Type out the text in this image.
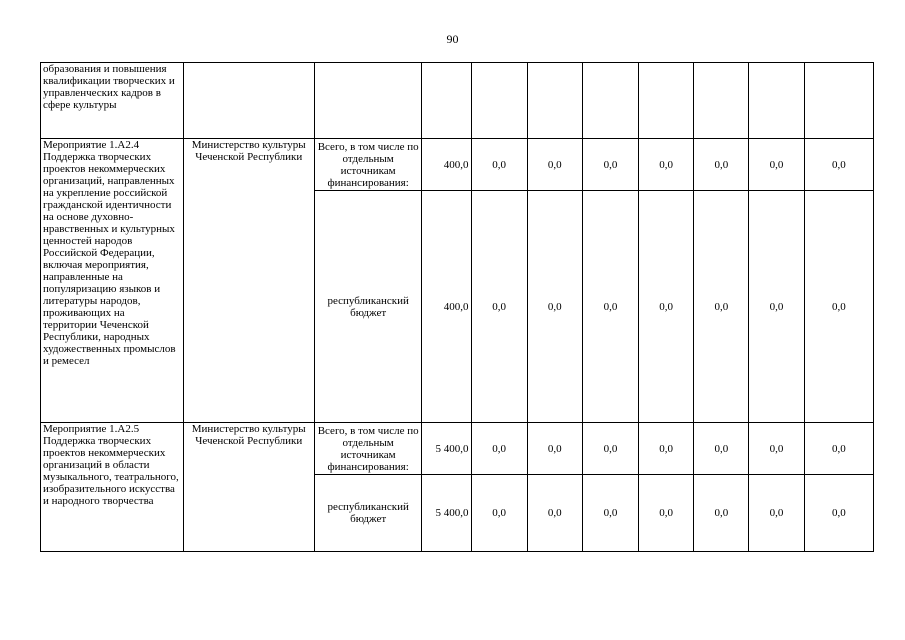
90
образования и повышения квалификации творческих и управленческих кадров в сфере культуры										
Мероприятие 1.А2.4 Поддержка творческих проектов некоммерческих организаций, направленных на укрепление российской гражданской идентичности на основе духовно-нравственных и культурных ценностей народов Российской Федерации, включая мероприятия, направленные на популяризацию языков и литературы народов, проживающих на территории Чеченской Республики, народных художественных промыслов и ремесел	Министерство культуры Чеченской Республики	Всего, в том числе по отдельным источникам финансирования:	400,0	0,0	0,0	0,0	0,0	0,0	0,0	0,0
		республиканский бюджет	400,0	0,0	0,0	0,0	0,0	0,0	0,0	0,0
Мероприятие 1.А2.5 Поддержка творческих проектов некоммерческих организаций в области музыкального, театрального, изобразительного искусства и народного творчества	Министерство культуры Чеченской Республики	Всего, в том числе по отдельным источникам финансирования:	5 400,0	0,0	0,0	0,0	0,0	0,0	0,0	0,0
		республиканский бюджет	5 400,0	0,0	0,0	0,0	0,0	0,0	0,0	0,0
